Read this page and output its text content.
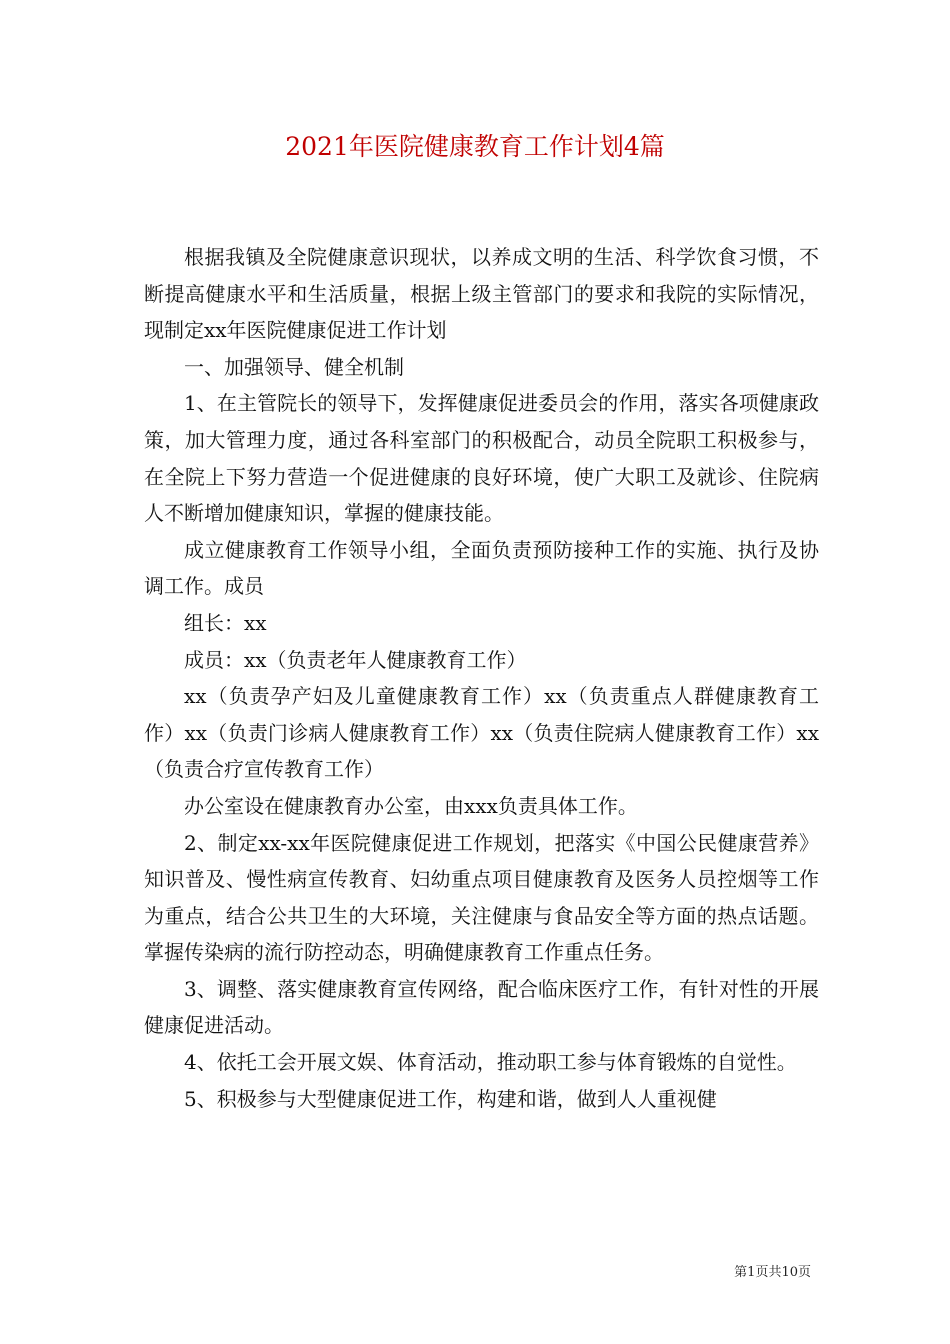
2021年医院健康教育工作计划4篇

根据我镇及全院健康意识现状，以养成文明的生活、科学饮食习惯，不断提高健康水平和生活质量，根据上级主管部门的要求和我院的实际情况，现制定xx年医院健康促进工作计划

一、加强领导、健全机制

1、在主管院长的领导下，发挥健康促进委员会的作用，落实各项健康政策，加大管理力度，通过各科室部门的积极配合，动员全院职工积极参与，在全院上下努力营造一个促进健康的良好环境，使广大职工及就诊、住院病人不断增加健康知识，掌握的健康技能。

成立健康教育工作领导小组，全面负责预防接种工作的实施、执行及协调工作。成员

组长：xx

成员：xx（负责老年人健康教育工作）

xx（负责孕产妇及儿童健康教育工作）xx（负责重点人群健康教育工作）xx（负责门诊病人健康教育工作）xx（负责住院病人健康教育工作）xx（负责合疗宣传教育工作）

办公室设在健康教育办公室，由xxx负责具体工作。

2、制定xx-xx年医院健康促进工作规划，把落实《中国公民健康营养》知识普及、慢性病宣传教育、妇幼重点项目健康教育及医务人员控烟等工作为重点，结合公共卫生的大环境，关注健康与食品安全等方面的热点话题。掌握传染病的流行防控动态，明确健康教育工作重点任务。

3、调整、落实健康教育宣传网络，配合临床医疗工作，有针对性的开展健康促进活动。

4、依托工会开展文娱、体育活动，推动职工参与体育锻炼的自觉性。

5、积极参与大型健康促进工作，构建和谐，做到人人重视健

第1页共10页
